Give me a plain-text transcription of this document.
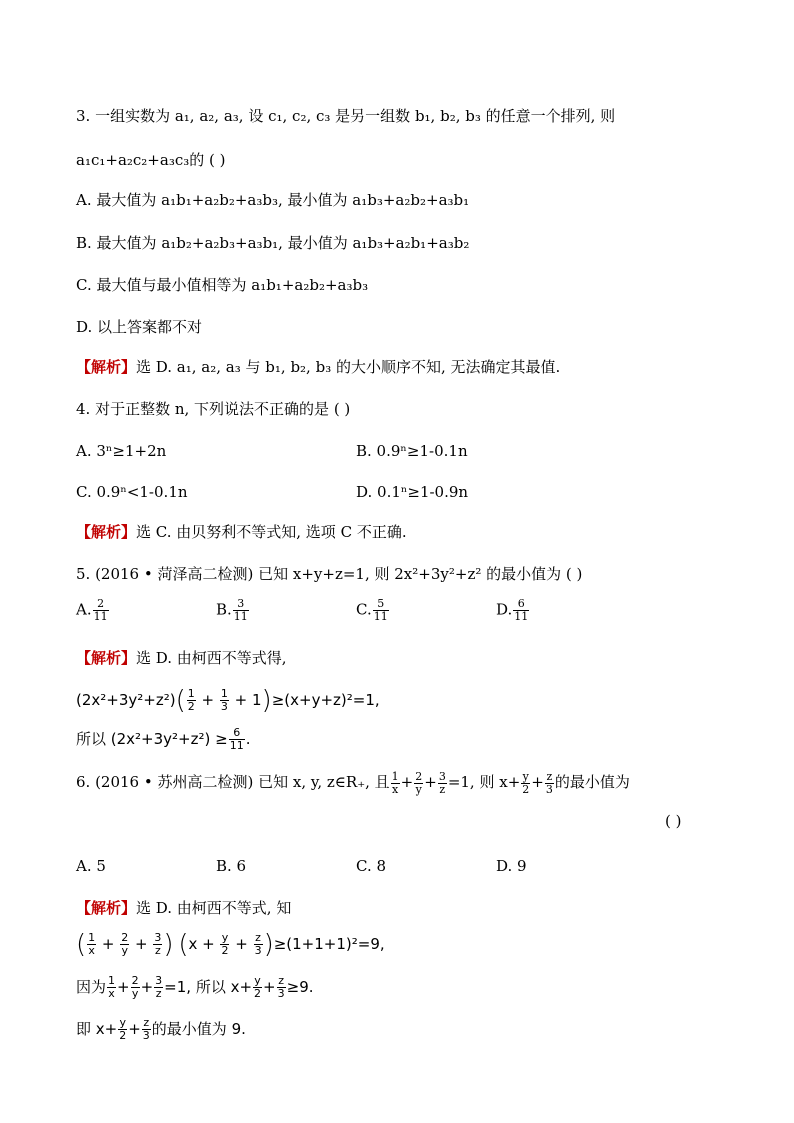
3. 一组实数为 a₁, a₂, a₃, 设 c₁, c₂, c₃ 是另一组数 b₁, b₂, b₃ 的任意一个排列, 则
a₁c₁+a₂c₂+a₃c₃的 ( )
A. 最大值为 a₁b₁+a₂b₂+a₃b₃, 最小值为 a₁b₃+a₂b₂+a₃b₁
B. 最大值为 a₁b₂+a₂b₃+a₃b₁, 最小值为 a₁b₃+a₂b₁+a₃b₂
C. 最大值与最小值相等为 a₁b₁+a₂b₂+a₃b₃
D. 以上答案都不对
【解析】选 D. a₁, a₂, a₃ 与 b₁, b₂, b₃ 的大小顺序不知, 无法确定其最值.
4. 对于正整数 n, 下列说法不正确的是 ( )
A. 3ⁿ≥1+2n	B. 0.9ⁿ≥1-0.1n
C. 0.9ⁿ<1-0.1n	D. 0.1ⁿ≥1-0.9n
【解析】选 C. 由贝努利不等式知, 选项 C 不正确.
5. (2016 • 菏泽高二检测) 已知 x+y+z=1, 则 2x²+3y²+z² 的最小值为 ( )
A. $\frac{2}{11}$	B. $\frac{3}{11}$	C. $\frac{5}{11}$	D. $\frac{6}{11}$
【解析】选 D. 由柯西不等式得,
$(2x^2+3y^2+z^2)( \frac{1}{2} + \frac{1}{3} + 1)\ge(x+y+z)^2=1$,
所以 $(2x^2+3y^2+z^2) \ge \frac{6}{11}$ .
6. (2016 • 苏州高二检测) 已知 x, y, z∈R₊, 且 $\frac{1}{x} + \frac{2}{y} + \frac{3}{z} =1$, 则 $x+ \frac{y}{2} + \frac{z}{3}$ 的最小值为
( )
A. 5	B. 6	C. 8	D. 9
【解析】选 D. 由柯西不等式, 知
( $\frac{1}{x} + \frac{2}{y} + \frac{3}{z}$ ) $(x + \frac{y}{2} + \frac{z}{3} )\ge(1+1+1)^2=9$,
因为 $\frac{1}{x} + \frac{2}{y} + \frac{3}{z} =1$, 所以 $x+ \frac{y}{2} + \frac{z}{3} \ge 9$.
即 $x+ \frac{y}{2} + \frac{z}{3}$ 的最小值为 9.
